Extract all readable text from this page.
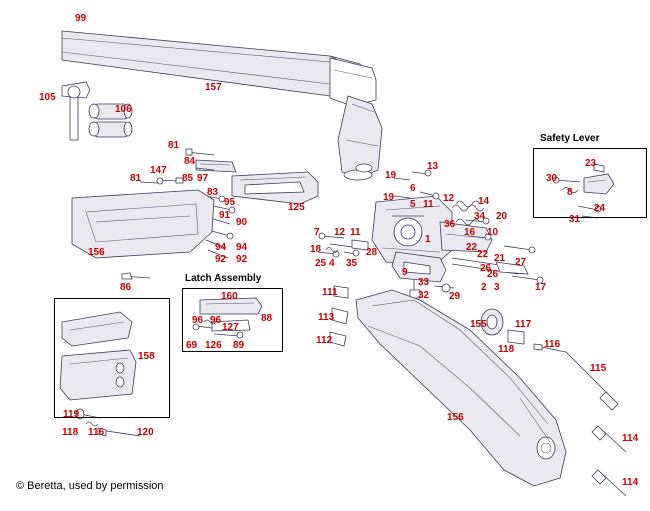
Safety Lever
Latch Assembly
99
157
105
106
81
147
84
85 97
81
83
95
91
90
94 94
92 92
125
156
86
13
19
19
6
5 11
12 14
34 20
36
16 10
1
22
22 21 27
26
26
2 3	17
7 12 11
18	28
25 4 35
9
33
32 29
111
113
112
155	117
118	116
115
114
114
156
160
88
96 96
127
69 126 89
158
119
118 116	120
23
30
8
24
31
© Beretta, used by permission
